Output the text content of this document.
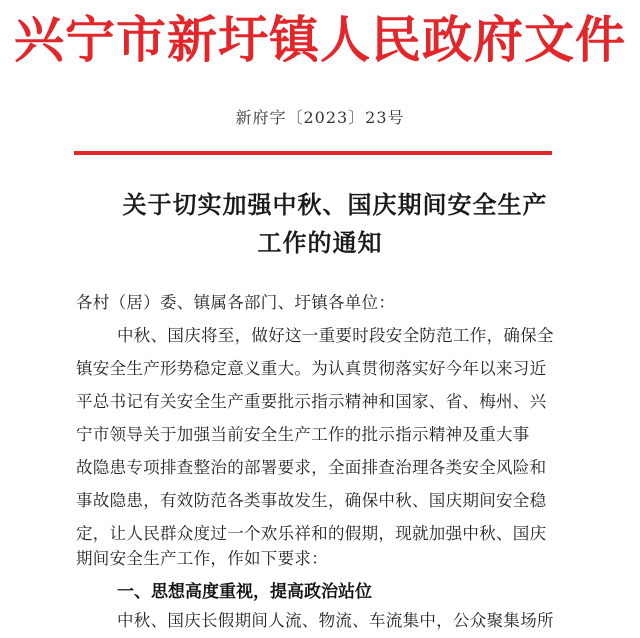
兴宁市新圩镇人民政府文件
新府字〔2023〕23号
关于切实加强中秋、国庆期间安全生产
工作的通知
各村（居）委、镇属各部门、圩镇各单位：
中秋、国庆将至，做好这一重要时段安全防范工作，确保全
镇安全生产形势稳定意义重大。为认真贯彻落实好今年以来习近
平总书记有关安全生产重要批示指示精神和国家、省、梅州、兴
宁市领导关于加强当前安全生产工作的批示指示精神及重大事
故隐患专项排查整治的部署要求，全面排查治理各类安全风险和
事故隐患，有效防范各类事故发生，确保中秋、国庆期间安全稳
定，让人民群众度过一个欢乐祥和的假期，现就加强中秋、国庆
期间安全生产工作，作如下要求：
一、思想高度重视，提高政治站位
中秋、国庆长假期间人流、物流、车流集中，公众聚集场所
